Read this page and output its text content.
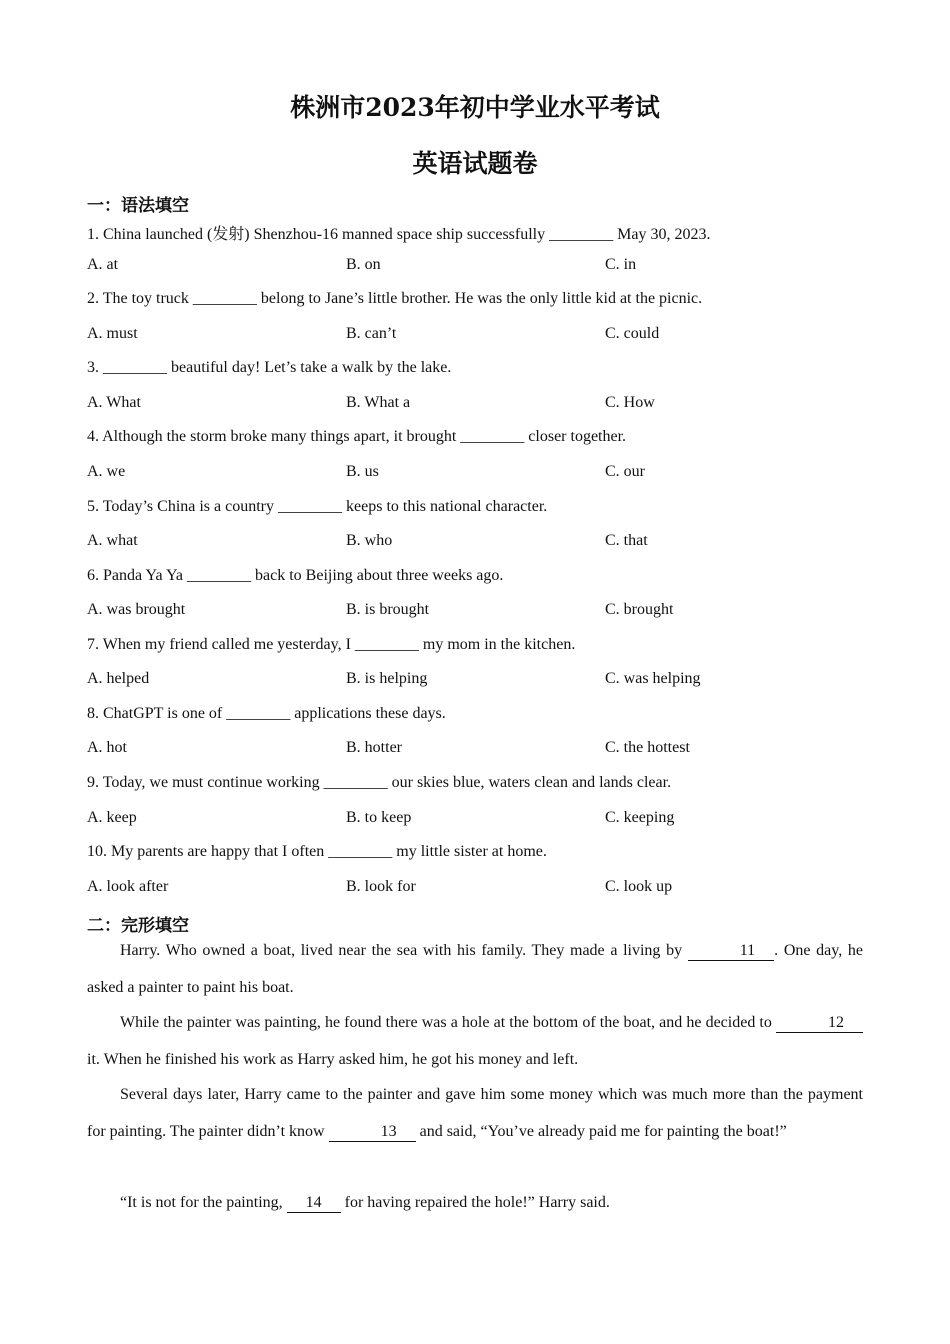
株洲市2023年初中学业水平考试
英语试题卷
一：语法填空
1. China launched (发射) Shenzhou-16 manned space ship successfully ________ May 30, 2023.
A. at	B. on	C. in
2. The toy truck ________ belong to Jane’s little brother. He was the only little kid at the picnic.
A. must	B. can’t	C. could
3. ________ beautiful day! Let’s take a walk by the lake.
A. What	B. What a	C. How
4. Although the storm broke many things apart, it brought ________ closer together.
A. we	B. us	C. our
5. Today’s China is a country ________ keeps to this national character.
A. what	B. who	C. that
6. Panda Ya Ya ________ back to Beijing about three weeks ago.
A. was brought	B. is brought	C. brought
7. When my friend called me yesterday, I ________ my mom in the kitchen.
A. helped	B. is helping	C. was helping
8. ChatGPT is one of ________ applications these days.
A. hot	B. hotter	C. the hottest
9. Today, we must continue working ________ our skies blue, waters clean and lands clear.
A. keep	B. to keep	C. keeping
10. My parents are happy that I often ________ my little sister at home.
A. look after	B. look for	C. look up
二：完形填空

Harry. Who owned a boat, lived near the sea with his family. They made a living by	11 . One day, he asked a painter to paint his boat.

While the painter was painting, he found there was a hole at the bottom of the boat, and he decided to	12 it. When he finished his work as Harry asked him, he got his money and left.

Several days later, Harry came to the painter and gave him some money which was much more than the payment for painting. The painter didn’t know	13 and said, “You’ve already paid me for painting the boat!”

“It is not for the painting, 14 for having repaired the hole!” Harry said.
